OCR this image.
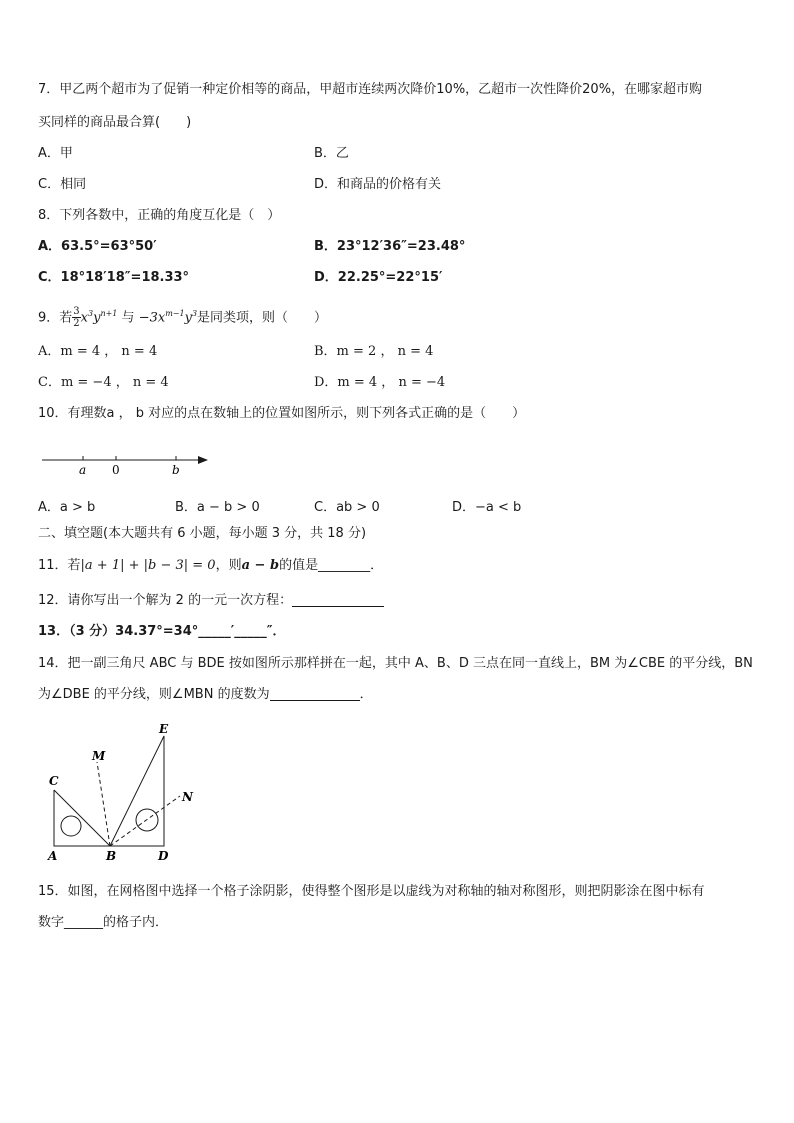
7．甲乙两个超市为了促销一种定价相等的商品，甲超市连续两次降价10%，乙超市一次性降价20%，在哪家超市购
买同样的商品最合算(　　)
A．甲	B．乙
C．相同	D．和商品的价格有关
8．下列各数中，正确的角度互化是（　）
A．63.5°=63°50′	B．23°12′36″=23.48°
C．18°18′18″=18.33°	D．22.25°=22°15′
9．若 $\frac{3}{2} x^3y^{n+1}$ 与 $-3x^{m-1}y^3$是同类项，则（　　）
A．m = 4 ， n = 4	B．m = 2 ， n = 4
C．m = −4 ， n = 4	D．m = 4 ， n = −4
10．有理数a ， b 对应的点在数轴上的位置如图所示，则下列各式正确的是（　　）
a 0	b
A．a > b	B．a − b > 0	C．ab > 0	D．−a < b
二、填空题(本大题共有 6 小题，每小题 3 分，共 18 分)
11．若|a + 1| + |b − 3| = 0，则a − b的值是________．
12．请你写出一个解为 2 的一元一次方程：
13．（3 分）34.37°=34°_____′_____″．
14．把一副三角尺 ABC 与 BDE 按如图所示那样拼在一起，其中 A、B、D 三点在同一直线上，BM 为∠CBE 的平分线，BN
为∠DBE 的平分线，则∠MBN 的度数为	．
E
M
C
N
A	B	D
15．如图，在网格图中选择一个格子涂阴影，使得整个图形是以虚线为对称轴的轴对称图形，则把阴影涂在图中标有
数字______的格子内．
